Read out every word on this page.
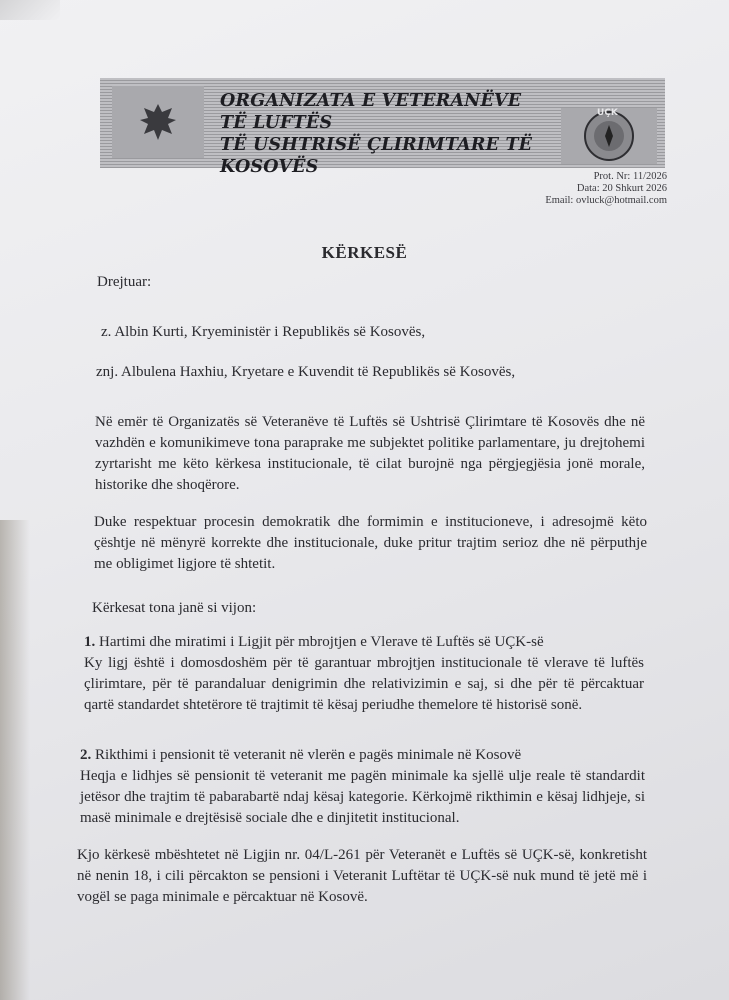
ORGANIZATA E VETERANËVE TË LUFTËS
TË USHTRISË ÇLIRIMTARE TË KOSOVËS
UÇK
Prot. Nr: 11/2026
Data: 20 Shkurt 2026
Email: ovluck@hotmail.com
KËRKESË
Drejtuar:
z. Albin Kurti, Kryeministër i Republikës së Kosovës,
znj. Albulena Haxhiu, Kryetare e Kuvendit të Republikës së Kosovës,
Në emër të Organizatës së Veteranëve të Luftës së Ushtrisë Çlirimtare të Kosovës dhe në vazhdën e komunikimeve tona paraprake me subjektet politike parlamentare, ju drejtohemi zyrtarisht me këto kërkesa institucionale, të cilat burojnë nga përgjegjësia jonë morale, historike dhe shoqërore.
Duke respektuar procesin demokratik dhe formimin e institucioneve, i adresojmë këto çështje në mënyrë korrekte dhe institucionale, duke pritur trajtim serioz dhe në përputhje me obligimet ligjore të shtetit.
Kërkesat tona janë si vijon:
1. Hartimi dhe miratimi i Ligjit për mbrojtjen e Vlerave të Luftës së UÇK-së
Ky ligj është i domosdoshëm për të garantuar mbrojtjen institucionale të vlerave të luftës çlirimtare, për të parandaluar denigrimin dhe relativizimin e saj, si dhe për të përcaktuar qartë standardet shtetërore të trajtimit të kësaj periudhe themelore të historisë sonë.
2. Rikthimi i pensionit të veteranit në vlerën e pagës minimale në Kosovë
Heqja e lidhjes së pensionit të veteranit me pagën minimale ka sjellë ulje reale të standardit jetësor dhe trajtim të pabarabartë ndaj kësaj kategorie. Kërkojmë rikthimin e kësaj lidhjeje, si masë minimale e drejtësisë sociale dhe e dinjitetit institucional.
Kjo kërkesë mbështetet në Ligjin nr. 04/L-261 për Veteranët e Luftës së UÇK-së, konkretisht në nenin 18, i cili përcakton se pensioni i Veteranit Luftëtar të UÇK-së nuk mund të jetë më i vogël se paga minimale e përcaktuar në Kosovë.
